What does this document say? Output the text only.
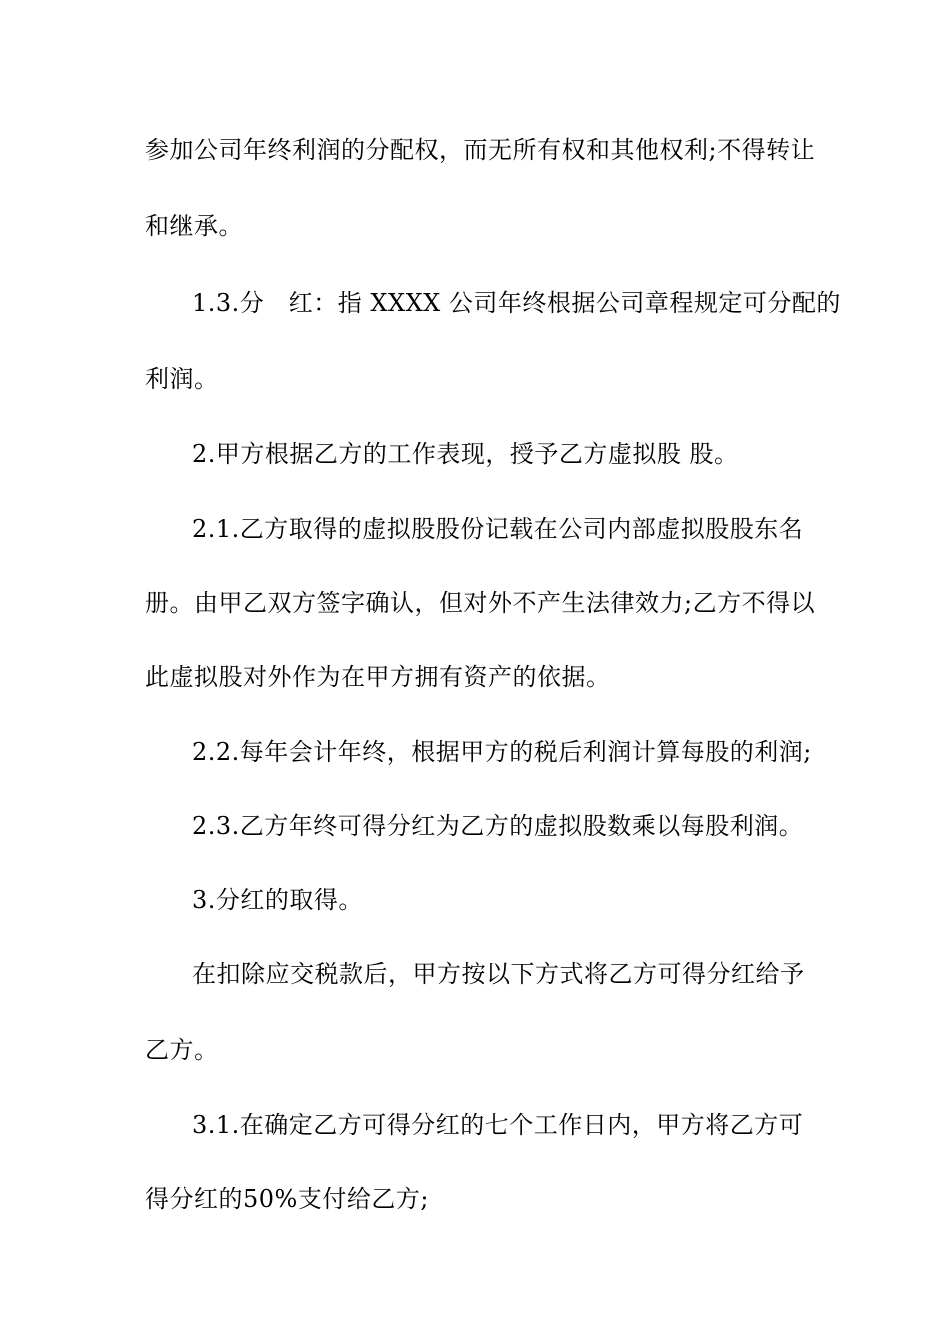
参加公司年终利润的分配权，而无所有权和其他权利;不得转让
和继承。
1.3.分　红：指 XXXX 公司年终根据公司章程规定可分配的
利润。
2.甲方根据乙方的工作表现，授予乙方虚拟股 股。
2.1.乙方取得的虚拟股股份记载在公司内部虚拟股股东名
册。由甲乙双方签字确认，但对外不产生法律效力;乙方不得以
此虚拟股对外作为在甲方拥有资产的依据。
2.2.每年会计年终，根据甲方的税后利润计算每股的利润;
2.3.乙方年终可得分红为乙方的虚拟股数乘以每股利润。
3.分红的取得。
在扣除应交税款后，甲方按以下方式将乙方可得分红给予
乙方。
3.1.在确定乙方可得分红的七个工作日内，甲方将乙方可
得分红的50%支付给乙方;
